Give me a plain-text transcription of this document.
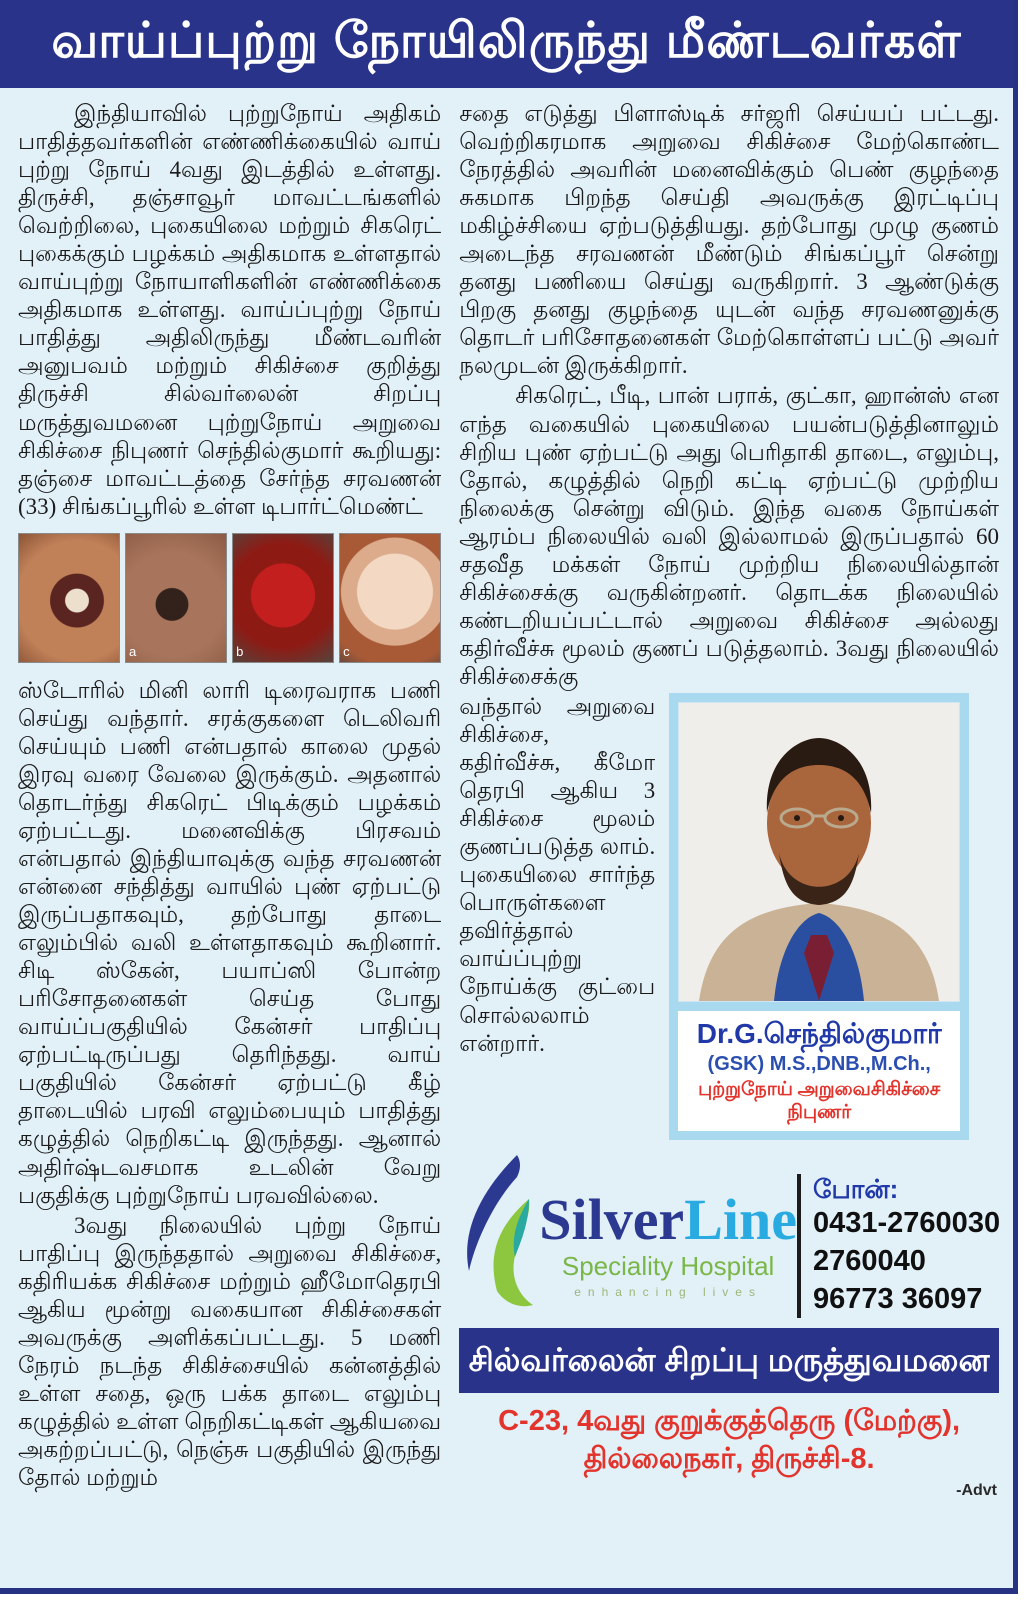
வாய்ப்புற்று நோயிலிருந்து மீண்டவர்கள்

இந்தியாவில் புற்றுநோய் அதிகம் பாதித்தவர்களின் எண்ணிக்கையில் வாய் புற்று நோய் 4வது இடத்தில் உள்ளது. திருச்சி, தஞ்சாவூர் மாவட்டங்களில் வெற்றிலை, புகையிலை மற்றும் சிகரெட் புகைக்கும் பழக்கம் அதிகமாக உள்ளதால் வாய்புற்று நோயாளிகளின் எண்ணிக்கை அதிகமாக உள்ளது. வாய்ப்புற்று நோய் பாதித்து அதிலிருந்து மீண்டவரின் அனுபவம் மற்றும் சிகிச்சை குறித்து திருச்சி சில்வர்லைன் சிறப்பு மருத்துவமனை புற்றுநோய் அறுவை சிகிச்சை நிபுணர் செந்தில்குமார் கூறியது: தஞ்சை மாவட்டத்தை சேர்ந்த சரவணன் (33) சிங்கப்பூரில் உள்ள டிபார்ட்மெண்ட்

a	b	c

ஸ்டோரில் மினி லாரி டிரைவராக பணி செய்து வந்தார். சரக்குகளை டெலிவரி செய்யும் பணி என்பதால் காலை முதல் இரவு வரை வேலை இருக்கும். அதனால் தொடர்ந்து சிகரெட் பிடிக்கும் பழக்கம் ஏற்பட்டது. மனைவிக்கு பிரசவம் என்பதால் இந்தியாவுக்கு வந்த சரவணன் என்னை சந்தித்து வாயில் புண் ஏற்பட்டு இருப்பதாகவும், தற்போது தாடை எலும்பில் வலி உள்ளதாகவும் கூறினார். சிடி ஸ்கேன், பயாப்ஸி போன்ற பரிசோதனைகள் செய்த போது வாய்ப்பகுதியில் கேன்சர் பாதிப்பு ஏற்பட்டிருப்பது தெரிந்தது. வாய் பகுதியில் கேன்சர் ஏற்பட்டு கீழ் தாடையில் பரவி எலும்பையும் பாதித்து கழுத்தில் நெறிகட்டி இருந்தது. ஆனால் அதிர்ஷ்டவசமாக உடலின் வேறு பகுதிக்கு புற்றுநோய் பரவவில்லை.

3வது நிலையில் புற்று நோய் பாதிப்பு இருந்ததால் அறுவை சிகிச்சை, கதிரியக்க சிகிச்சை மற்றும் ஹீமோதெரபி ஆகிய மூன்று வகையான சிகிச்சைகள் அவருக்கு அளிக்கப்பட்டது. 5 மணி நேரம் நடந்த சிகிச்சையில் கன்னத்தில் உள்ள சதை, ஒரு பக்க தாடை எலும்பு கழுத்தில் உள்ள நெறிகட்டிகள் ஆகியவை அகற்றப்பட்டு, நெஞ்சு பகுதியில் இருந்து தோல் மற்றும்

சதை எடுத்து பிளாஸ்டிக் சர்ஜரி செய்யப் பட்டது. வெற்றிகரமாக அறுவை சிகிச்சை மேற்கொண்ட நேரத்தில் அவரின் மனைவிக்கும் பெண் குழந்தை சுகமாக பிறந்த செய்தி அவருக்கு இரட்டிப்பு மகிழ்ச்சியை ஏற்படுத்தியது. தற்போது முழு குணம் அடைந்த சரவணன் மீண்டும் சிங்கப்பூர் சென்று தனது பணியை செய்து வருகிறார். 3 ஆண்டுக்கு பிறகு தனது குழந்தை யுடன் வந்த சரவணனுக்கு தொடர் பரிசோதனைகள் மேற்கொள்ளப் பட்டு அவர் நலமுடன் இருக்கிறார்.

சிகரெட், பீடி, பான் பராக், குட்கா, ஹான்ஸ் என எந்த வகையில் புகையிலை பயன்படுத்தினாலும் சிறிய புண் ஏற்பட்டு அது பெரிதாகி தாடை, எலும்பு, தோல், கழுத்தில் நெறி கட்டி ஏற்பட்டு முற்றிய நிலைக்கு சென்று விடும். இந்த வகை நோய்கள் ஆரம்ப நிலையில் வலி இல்லாமல் இருப்பதால் 60 சதவீத மக்கள் நோய் முற்றிய நிலையில்தான் சிகிச்சைக்கு வருகின்றனர். தொடக்க நிலையில் கண்டறியப்பட்டால் அறுவை சிகிச்சை அல்லது கதிர்வீச்சு மூலம் குணப் படுத்தலாம். 3வது நிலையில் சிகிச்சைக்கு

வந்தால் அறுவை சிகிச்சை, கதிர்வீச்சு, கீமோ தெரபி ஆகிய 3 சிகிச்சை மூலம் குணப்படுத்த லாம். புகையிலை சார்ந்த பொருள்களை தவிர்த்தால் வாய்ப்புற்று நோய்க்கு குட்பை சொல்லலாம் என்றார்.	Dr.G.செந்தில்குமார்
(GSK) M.S.,DNB.,M.Ch.,
புற்றுநோய் அறுவைசிகிச்சை நிபுணர்
SilverLine
Speciality Hospital
enhancing lives
போன்:
0431-2760030
2760040
96773 36097
சில்வர்லைன் சிறப்பு மருத்துவமனை
C-23, 4வது குறுக்குத்தெரு (மேற்கு),
தில்லைநகர், திருச்சி-8.
-Advt
